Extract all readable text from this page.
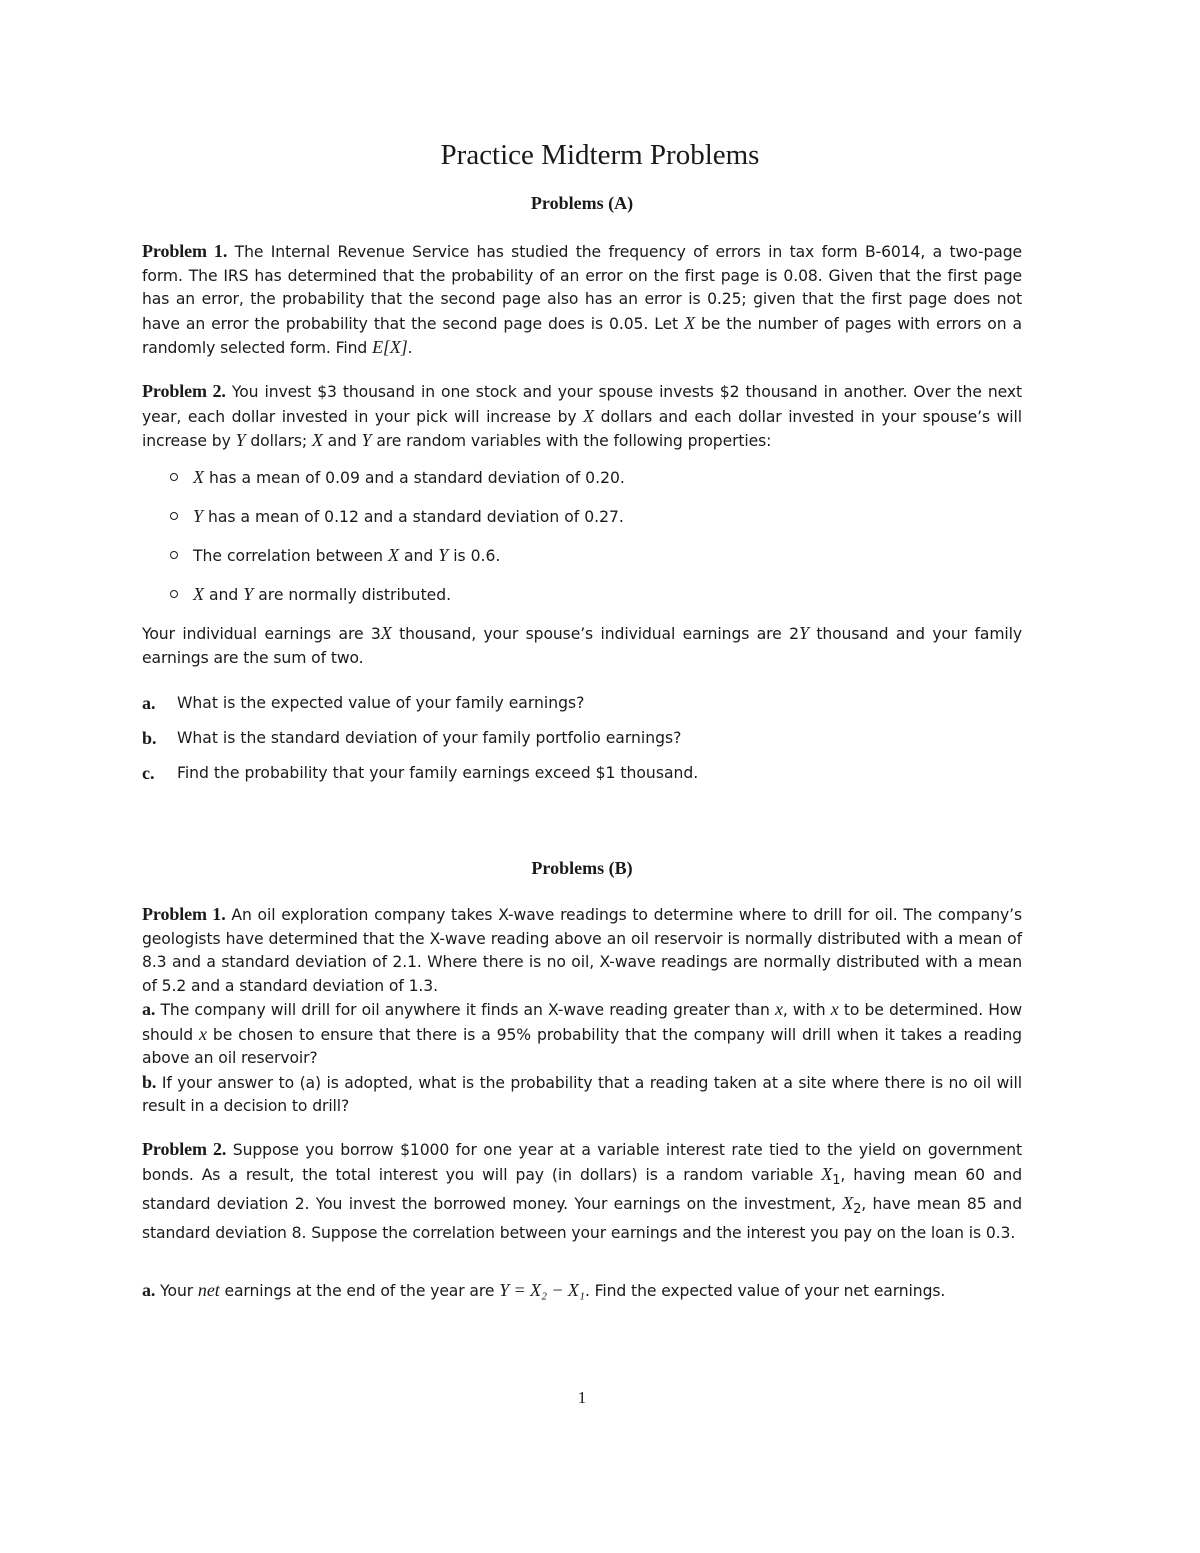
Practice Midterm Problems
Problems (A)

Problem 1. The Internal Revenue Service has studied the frequency of errors in tax form B-6014, a two-page form. The IRS has determined that the probability of an error on the first page is 0.08. Given that the first page has an error, the probability that the second page also has an error is 0.25; given that the first page does not have an error the probability that the second page does is 0.05. Let X be the number of pages with errors on a randomly selected form. Find E[X].

Problem 2. You invest $3 thousand in one stock and your spouse invests $2 thousand in another. Over the next year, each dollar invested in your pick will increase by X dollars and each dollar invested in your spouse’s will increase by Y dollars; X and Y are random variables with the following properties:

X has a mean of 0.09 and a standard deviation of 0.20.
Y has a mean of 0.12 and a standard deviation of 0.27.
The correlation between X and Y is 0.6.
X and Y are normally distributed.

Your individual earnings are 3X thousand, your spouse’s individual earnings are 2Y thousand and your family earnings are the sum of two.

a.	What is the expected value of your family earnings?
b.	What is the standard deviation of your family portfolio earnings?
c.	Find the probability that your family earnings exceed $1 thousand.
Problems (B)

Problem 1. An oil exploration company takes X-wave readings to determine where to drill for oil. The company’s geologists have determined that the X-wave reading above an oil reservoir is normally distributed with a mean of 8.3 and a standard deviation of 2.1. Where there is no oil, X-wave readings are normally distributed with a mean of 5.2 and a standard deviation of 1.3.
a. The company will drill for oil anywhere it finds an X-wave reading greater than x, with x to be determined. How should x be chosen to ensure that there is a 95% probability that the company will drill when it takes a reading above an oil reservoir?
b. If your answer to (a) is adopted, what is the probability that a reading taken at a site where there is no oil will result in a decision to drill?

Problem 2. Suppose you borrow $1000 for one year at a variable interest rate tied to the yield on government bonds. As a result, the total interest you will pay (in dollars) is a random variable $X_1$, having mean 60 and standard deviation 2. You invest the borrowed money. Your earnings on the investment, $X_2$, have mean 85 and standard deviation 8. Suppose the correlation between your earnings and the interest you pay on the loan is 0.3.

a. Your net earnings at the end of the year are Y = X₂ − X₁. Find the expected value of your net earnings.

1
